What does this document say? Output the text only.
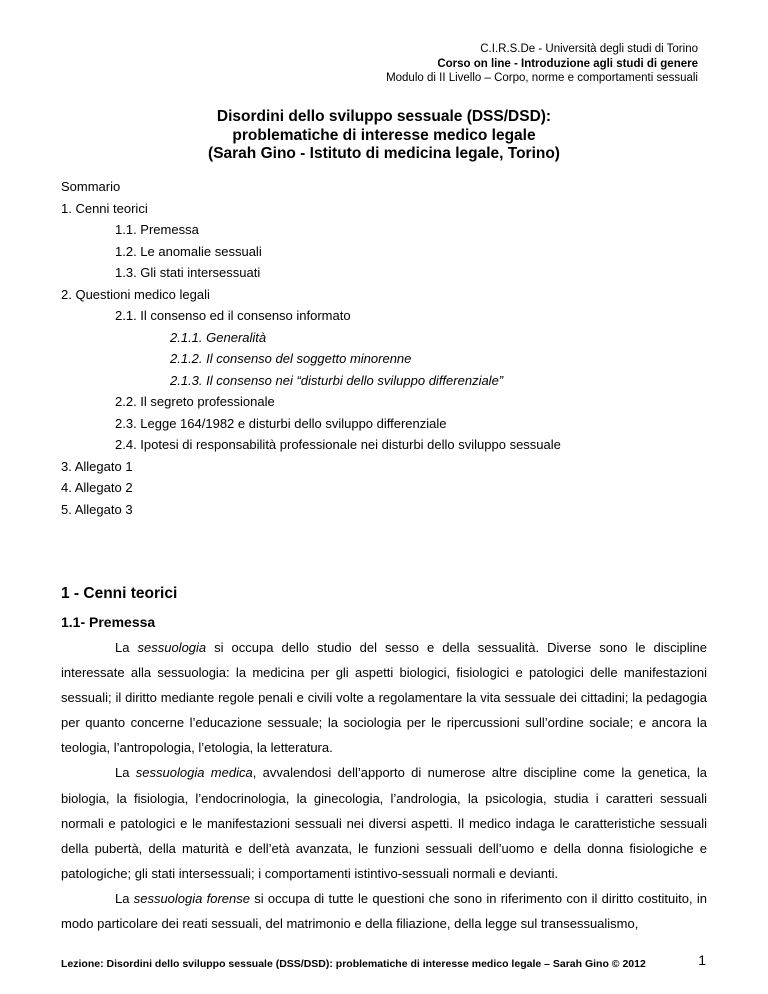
C.I.R.S.De - Università degli studi di Torino
Corso on line - Introduzione agli studi di genere
Modulo di II Livello – Corpo, norme e comportamenti sessuali
Disordini dello sviluppo sessuale (DSS/DSD):
problematiche di interesse medico legale
(Sarah Gino - Istituto di medicina legale, Torino)
Sommario
1. Cenni teorici
1.1. Premessa
1.2. Le anomalie sessuali
1.3. Gli stati intersessuati
2. Questioni medico legali
2.1. Il consenso ed il consenso informato
2.1.1. Generalità
2.1.2. Il consenso del soggetto minorenne
2.1.3. Il consenso nei “disturbi dello sviluppo differenziale”
2.2. Il segreto professionale
2.3. Legge 164/1982 e disturbi dello sviluppo differenziale
2.4. Ipotesi di responsabilità professionale nei disturbi dello sviluppo sessuale
3. Allegato 1
4. Allegato 2
5. Allegato 3
1 - Cenni teorici
1.1- Premessa

La sessuologia si occupa dello studio del sesso e della sessualità. Diverse sono le discipline interessate alla sessuologia: la medicina per gli aspetti biologici, fisiologici e patologici delle manifestazioni sessuali; il diritto mediante regole penali e civili volte a regolamentare la vita sessuale dei cittadini; la pedagogia per quanto concerne l’educazione sessuale; la sociologia per le ripercussioni sull’ordine sociale; e ancora la teologia, l’antropologia, l’etologia, la letteratura.

La sessuologia medica, avvalendosi dell’apporto di numerose altre discipline come la genetica, la biologia, la fisiologia, l’endocrinologia, la ginecologia, l’andrologia, la psicologia, studia i caratteri sessuali normali e patologici e le manifestazioni sessuali nei diversi aspetti. Il medico indaga le caratteristiche sessuali della pubertà, della maturità e dell’età avanzata, le funzioni sessuali dell’uomo e della donna fisiologiche e patologiche; gli stati intersessuali; i comportamenti istintivo-sessuali normali e devianti.

La sessuologia forense si occupa di tutte le questioni che sono in riferimento con il diritto costituito, in modo particolare dei reati sessuali, del matrimonio e della filiazione, della legge sul transessualismo,

Lezione: Disordini dello sviluppo sessuale (DSS/DSD): problematiche di interesse medico legale – Sarah Gino © 2012	1
